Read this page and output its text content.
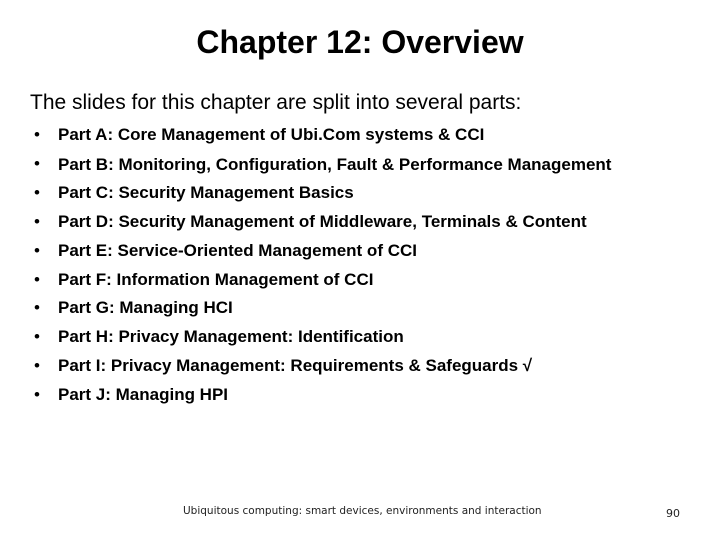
Chapter 12: Overview
The slides for this chapter are split into several parts:
• Part A: Core Management of Ubi.Com systems & CCI
• Part B: Monitoring, Configuration, Fault & Performance Management
• Part C: Security Management Basics
• Part D: Security Management of Middleware, Terminals & Content
• Part E: Service-Oriented Management of CCI
• Part F: Information Management of CCI
• Part G: Managing HCI
• Part H: Privacy Management: Identification
• Part I: Privacy Management: Requirements & Safeguards √
• Part J: Managing HPI
Ubiquitous computing: smart devices, environments and interaction	90
